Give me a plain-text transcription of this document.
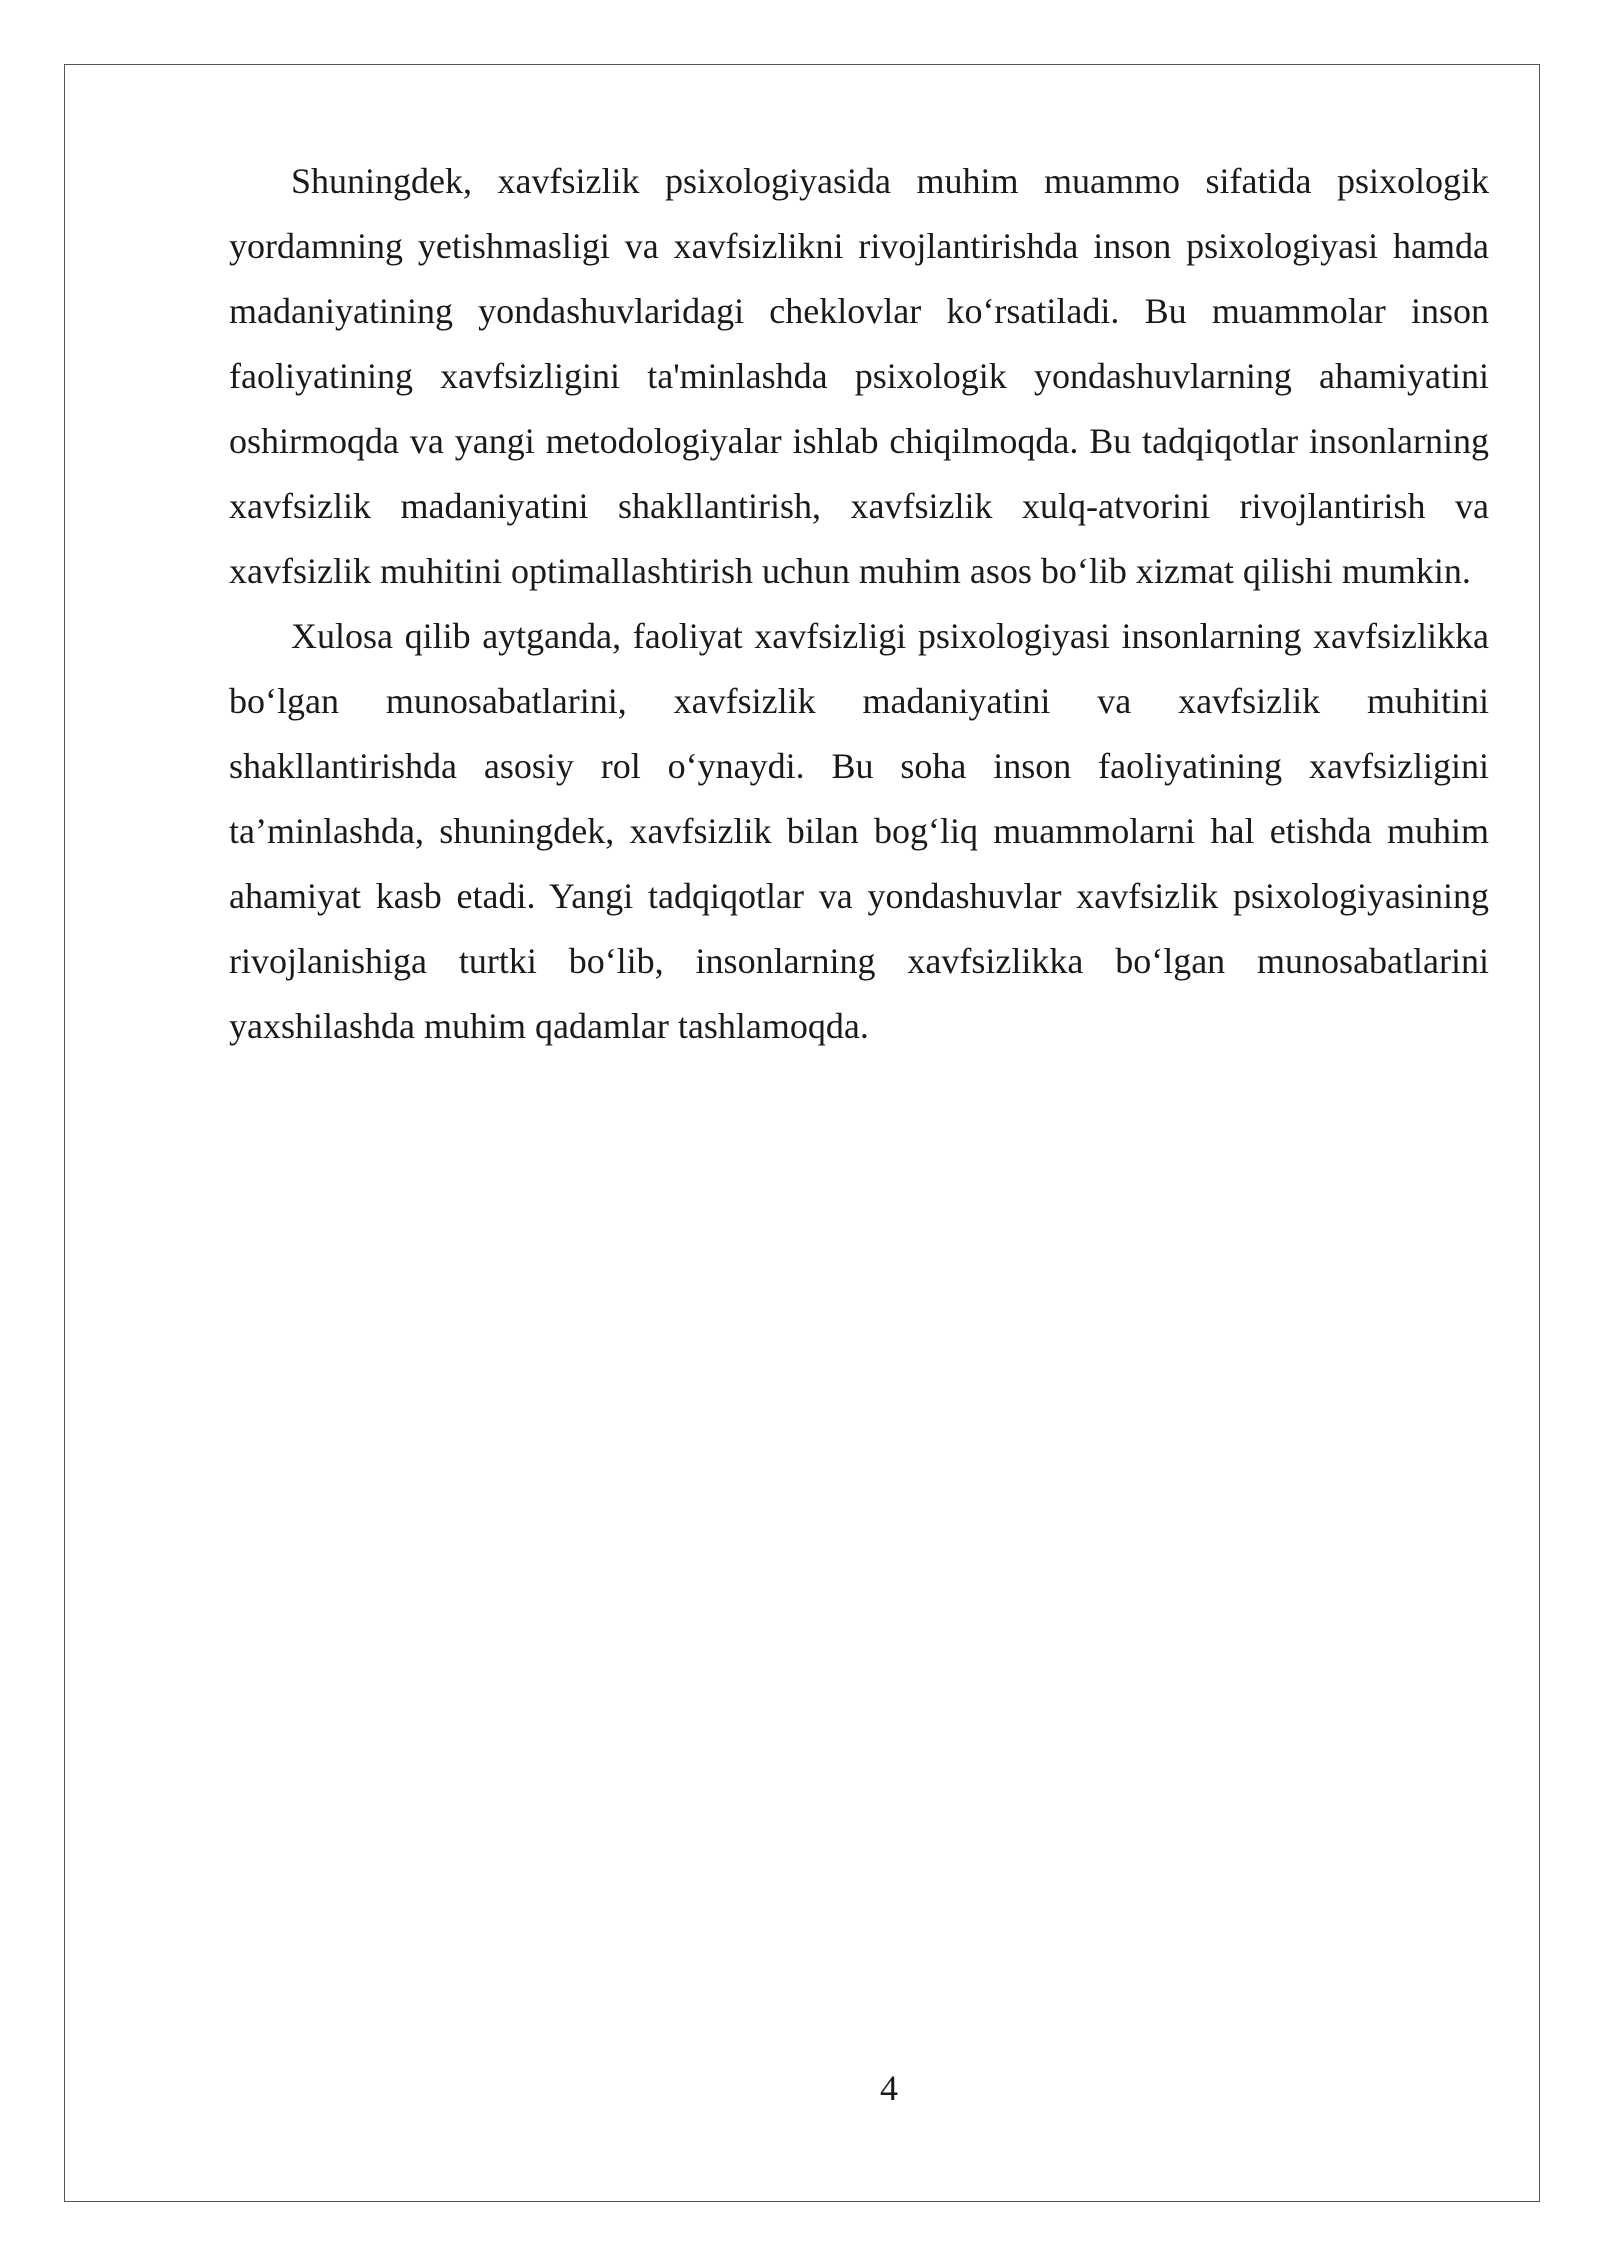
Shuningdek, xavfsizlik psixologiyasida muhim muammo sifatida psixologik yordamning yetishmasligi va xavfsizlikni rivojlantirishda inson psixologiyasi hamda madaniyatining yondashuvlaridagi cheklovlar ko‘rsatiladi. Bu muammolar inson faoliyatining xavfsizligini ta'minlashda psixologik yondashuvlarning ahamiyatini oshirmoqda va yangi metodologiyalar ishlab chiqilmoqda. Bu tadqiqotlar insonlarning xavfsizlik madaniyatini shakllantirish, xavfsizlik xulq-atvorini rivojlantirish va xavfsizlik muhitini optimallashtirish uchun muhim asos bo‘lib xizmat qilishi mumkin.

Xulosa qilib aytganda, faoliyat xavfsizligi psixologiyasi insonlarning xavfsizlikka bo‘lgan munosabatlarini, xavfsizlik madaniyatini va xavfsizlik muhitini shakllantirishda asosiy rol o‘ynaydi. Bu soha inson faoliyatining xavfsizligini ta’minlashda, shuningdek, xavfsizlik bilan bog‘liq muammolarni hal etishda muhim ahamiyat kasb etadi. Yangi tadqiqotlar va yondashuvlar xavfsizlik psixologiyasining rivojlanishiga turtki bo‘lib, insonlarning xavfsizlikka bo‘lgan munosabatlarini yaxshilashda muhim qadamlar tashlamoqda.

4
